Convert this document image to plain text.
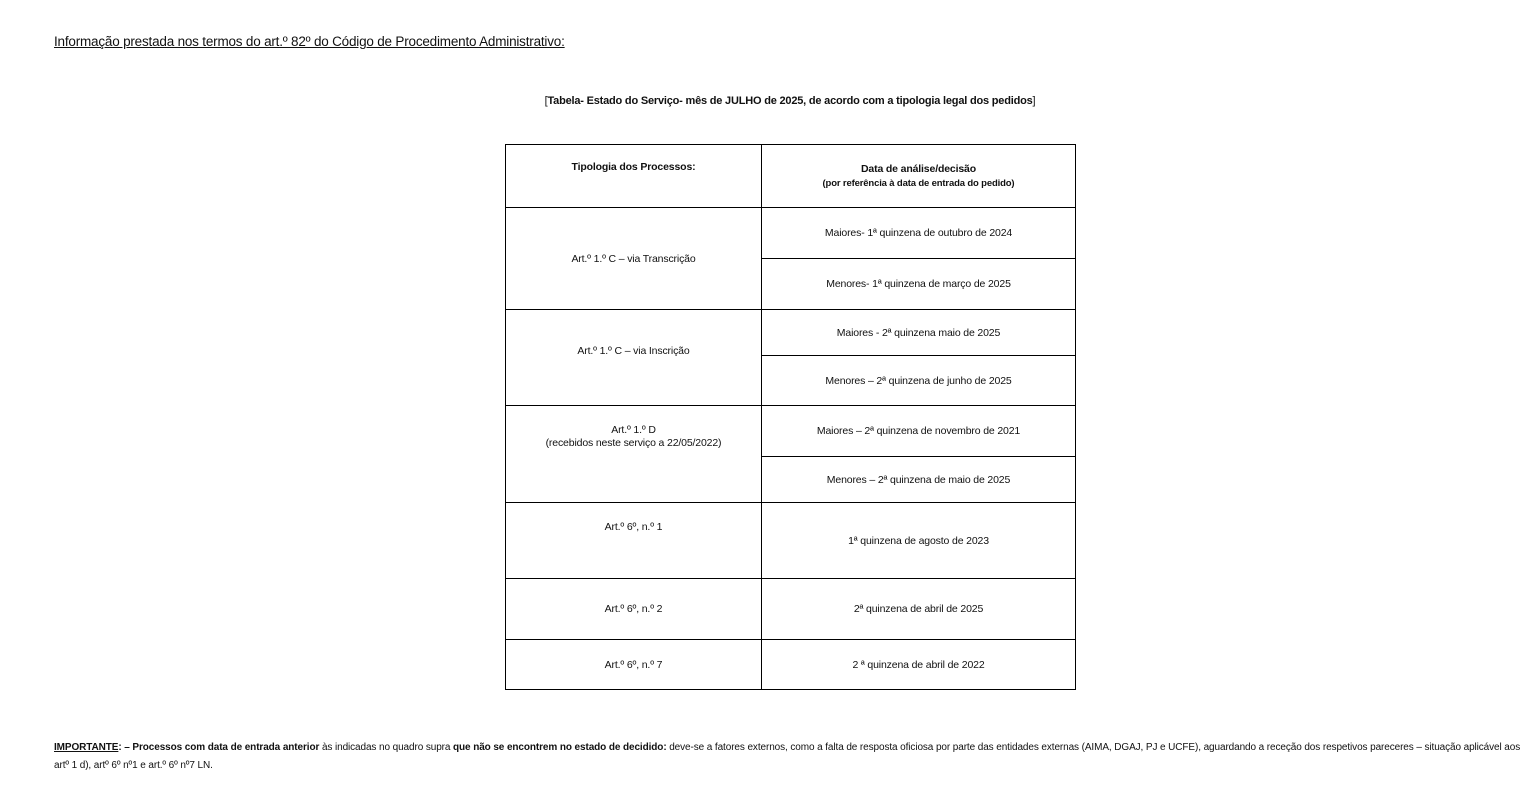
Informação prestada nos termos do art.º 82º do Código de Procedimento Administrativo:
[Tabela- Estado do Serviço- mês de JULHO de 2025, de acordo com a tipologia legal dos pedidos]
Tipologia dos Processos:	Data de análise/decisão
(por referência à data de entrada do pedido)

Art.º 1.º C – via Transcrição	Maiores- 1ª quinzena de outubro de 2024
	Menores- 1ª quinzena de março de 2025
Art.º 1.º C – via Inscrição	Maiores - 2ª quinzena maio de 2025
	Menores – 2ª quinzena de junho de 2025
Art.º 1.º D
(recebidos neste serviço a 22/05/2022)	Maiores – 2ª quinzena de novembro de 2021
	Menores – 2ª quinzena de maio de 2025
Art.º 6º, n.º 1	1ª quinzena de agosto de 2023
Art.º 6º, n.º 2	2ª quinzena de abril de 2025
Art.º 6º, n.º 7	2 ª quinzena de abril de 2022
IMPORTANTE: – Processos com data de entrada anterior às indicadas no quadro supra que não se encontrem no estado de decidido: deve-se a fatores externos, como a falta de resposta oficiosa por parte das entidades externas (AIMA, DGAJ, PJ e UCFE), aguardando a receção dos respetivos pareceres – situação aplicável aos artº 1 d), artº 6º nº1 e art.º 6º nº7 LN.
